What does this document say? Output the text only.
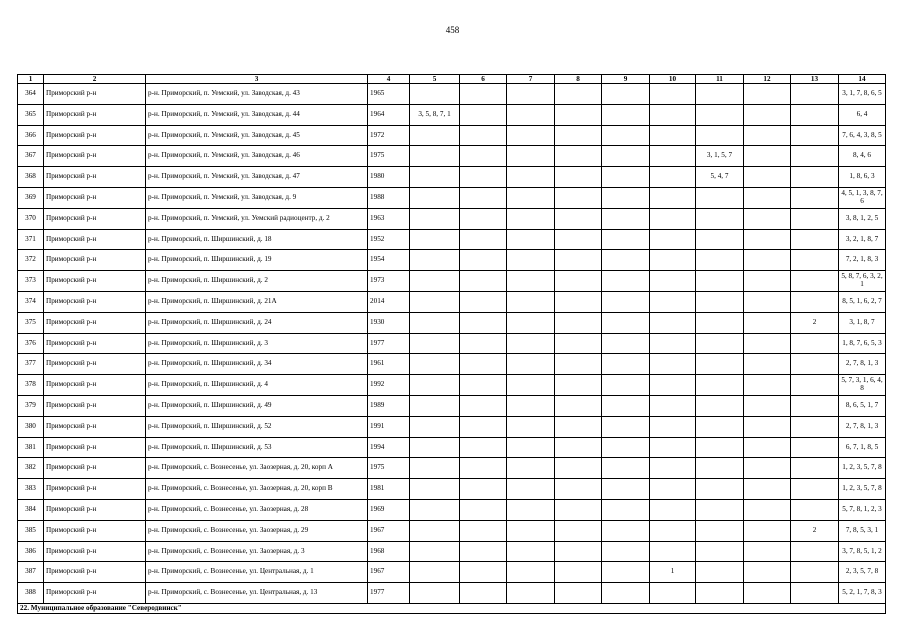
458
1	2	3	4	5	6	7	8	9	10	11	12	13	14
364	Приморский р-н	р-н. Приморский, п. Уемский, ул. Заводская, д. 43	1965										3, 1, 7, 8, 6, 5
365	Приморский р-н	р-н. Приморский, п. Уемский, ул. Заводская, д. 44	1964	3, 5, 8, 7, 1									6, 4
366	Приморский р-н	р-н. Приморский, п. Уемский, ул. Заводская, д. 45	1972										7, 6, 4, 3, 8, 5
367	Приморский р-н	р-н. Приморский, п. Уемский, ул. Заводская, д. 46	1975							3, 1, 5, 7			8, 4, 6
368	Приморский р-н	р-н. Приморский, п. Уемский, ул. Заводская, д. 47	1980							5, 4, 7			1, 8, 6, 3
369	Приморский р-н	р-н. Приморский, п. Уемский, ул. Заводская, д. 9	1988										4, 5, 1, 3, 8, 7, 6
370	Приморский р-н	р-н. Приморский, п. Уемский, ул. Уемский радиоцентр, д. 2	1963										3, 8, 1, 2, 5
371	Приморский р-н	р-н. Приморский, п. Ширшинский, д. 18	1952										3, 2, 1, 8, 7
372	Приморский р-н	р-н. Приморский, п. Ширшинский, д. 19	1954										7, 2, 1, 8, 3
373	Приморский р-н	р-н. Приморский, п. Ширшинский, д. 2	1973										5, 8, 7, 6, 3, 2, 1
374	Приморский р-н	р-н. Приморский, п. Ширшинский, д. 21А	2014										8, 5, 1, 6, 2, 7
375	Приморский р-н	р-н. Приморский, п. Ширшинский, д. 24	1930									2	3, 1, 8, 7
376	Приморский р-н	р-н. Приморский, п. Ширшинский, д. 3	1977										1, 8, 7, 6, 5, 3
377	Приморский р-н	р-н. Приморский, п. Ширшинский, д. 34	1961										2, 7, 8, 1, 3
378	Приморский р-н	р-н. Приморский, п. Ширшинский, д. 4	1992										5, 7, 3, 1, 6, 4, 8
379	Приморский р-н	р-н. Приморский, п. Ширшинский, д. 49	1989										8, 6, 5, 1, 7
380	Приморский р-н	р-н. Приморский, п. Ширшинский, д. 52	1991										2, 7, 8, 1, 3
381	Приморский р-н	р-н. Приморский, п. Ширшинский, д. 53	1994										6, 7, 1, 8, 5
382	Приморский р-н	р-н. Приморский, с. Вознесенье, ул. Заозерная, д. 20, корп А	1975										1, 2, 3, 5, 7, 8
383	Приморский р-н	р-н. Приморский, с. Вознесенье, ул. Заозерная, д. 20, корп В	1981										1, 2, 3, 5, 7, 8
384	Приморский р-н	р-н. Приморский, с. Вознесенье, ул. Заозерная, д. 28	1969										5, 7, 8, 1, 2, 3
385	Приморский р-н	р-н. Приморский, с. Вознесенье, ул. Заозерная, д. 29	1967									2	7, 8, 5, 3, 1
386	Приморский р-н	р-н. Приморский, с. Вознесенье, ул. Заозерная, д. 3	1968										3, 7, 8, 5, 1, 2
387	Приморский р-н	р-н. Приморский, с. Вознесенье, ул. Центральная, д. 1	1967						1				2, 3, 5, 7, 8
388	Приморский р-н	р-н. Приморский, с. Вознесенье, ул. Центральная, д. 13	1977										5, 2, 1, 7, 8, 3
22. Муниципальное образование "Северодвинск"													
